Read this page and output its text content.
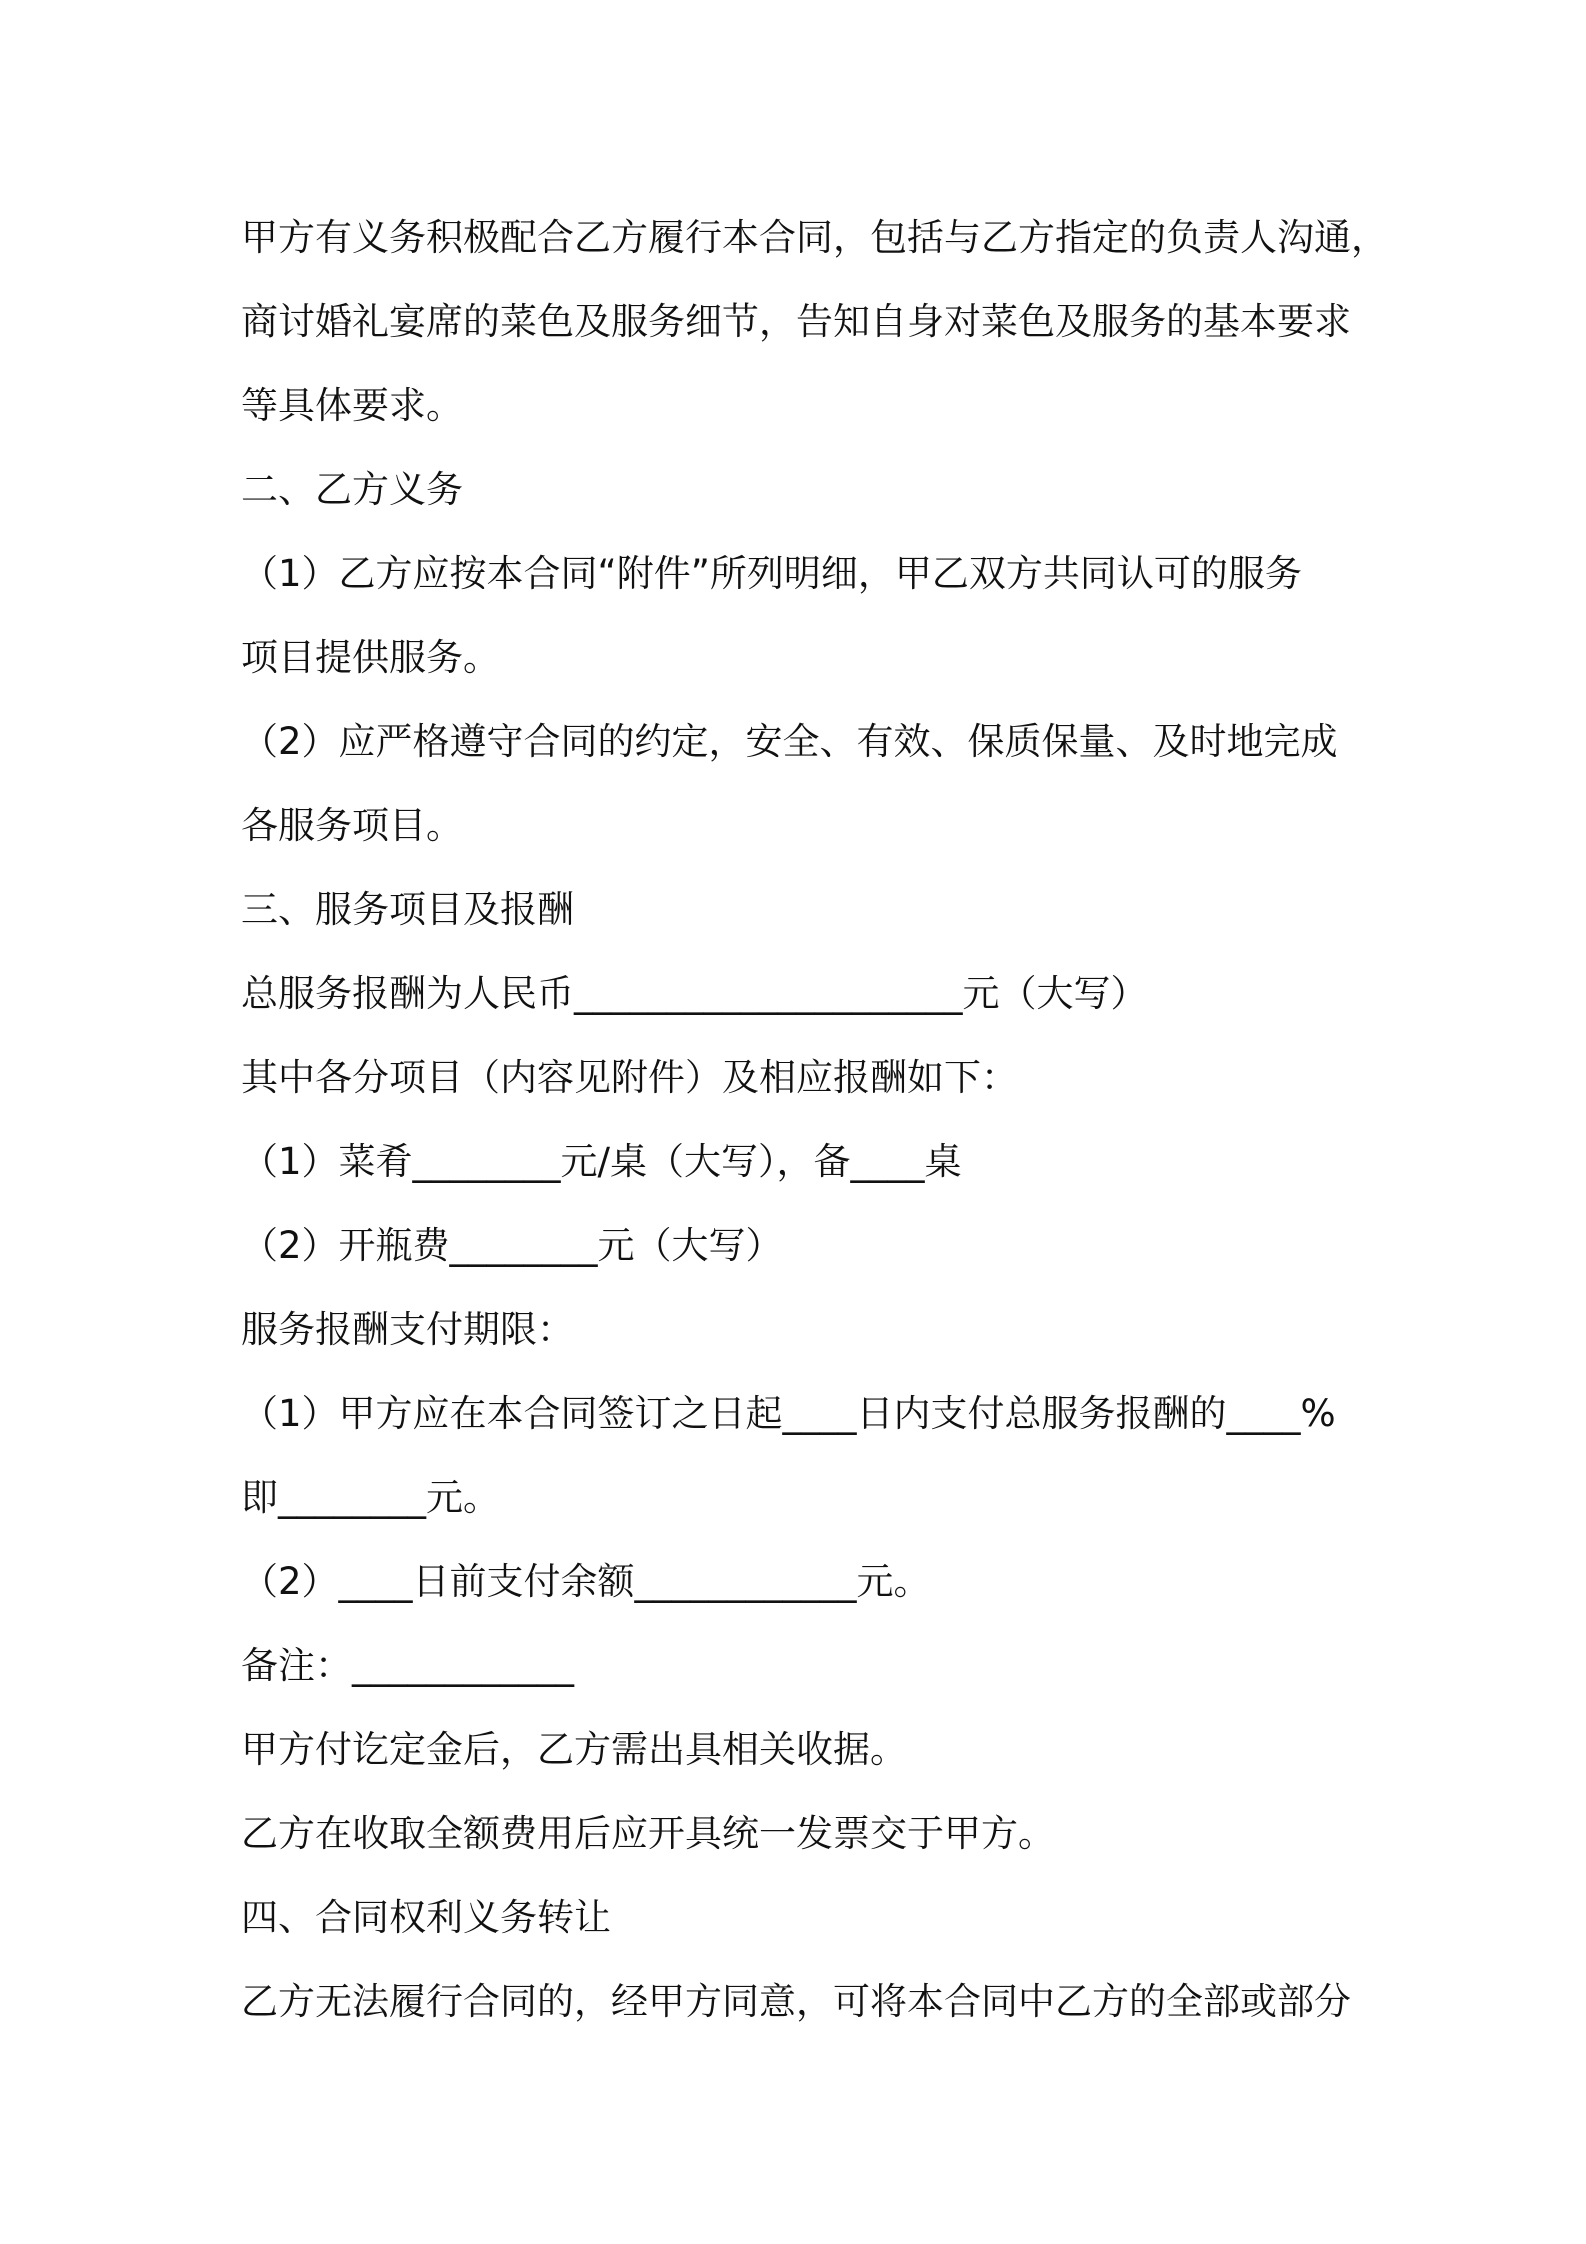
甲方有义务积极配合乙方履行本合同，包括与乙方指定的负责人沟通，
商讨婚礼宴席的菜色及服务细节，告知自身对菜色及服务的基本要求
等具体要求。
二、乙方义务
（1）乙方应按本合同“附件”所列明细，甲乙双方共同认可的服务
项目提供服务。
（2）应严格遵守合同的约定，安全、有效、保质保量、及时地完成
各服务项目。
三、服务项目及报酬
总服务报酬为人民币_____________________元（大写）
其中各分项目（内容见附件）及相应报酬如下：
（1）菜肴________元/桌（大写），备____桌
（2）开瓶费________元（大写）
服务报酬支付期限：
（1）甲方应在本合同签订之日起____日内支付总服务报酬的____%
即________元。
（2）____日前支付余额____________元。
备注：____________
甲方付讫定金后，乙方需出具相关收据。
乙方在收取全额费用后应开具统一发票交于甲方。
四、合同权利义务转让
乙方无法履行合同的，经甲方同意，可将本合同中乙方的全部或部分
